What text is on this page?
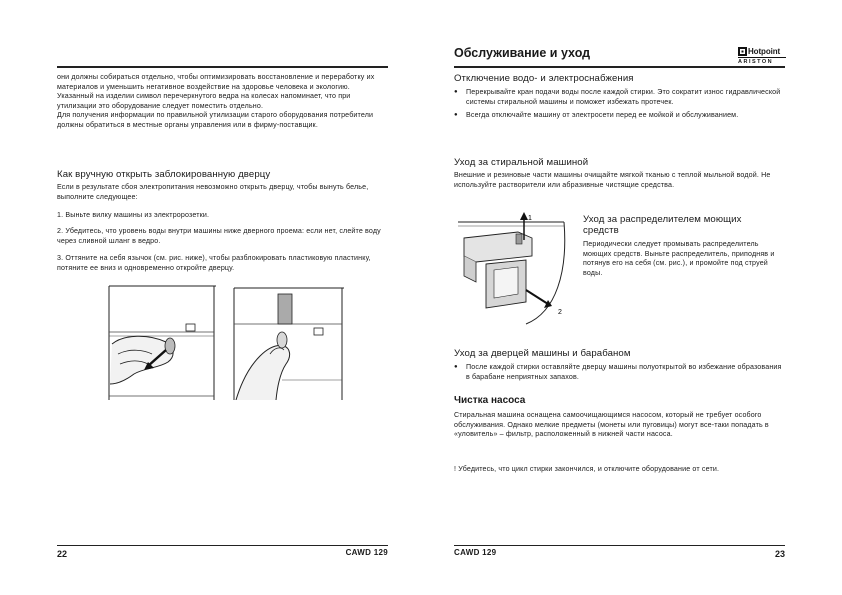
они должны собираться отдельно, чтобы оптимизировать восстановление и переработку их материалов и уменьшить негативное воздействие на здоровье человека и экологию. Указанный на изделии символ перечеркнутого ведра на колесах напоминает, что при утилизации это оборудование следует поместить отдельно.

Для получения информации по правильной утилизации старого оборудования потребители должны обратиться в местные органы управления или в фирму-поставщик.

Как вручную открыть заблокированную дверцу

Если в результате сбоя электропитания невозможно открыть дверцу, чтобы вынуть белье, выполните следующее:

1. Выньте вилку машины из электророзетки.

2. Убедитесь, что уровень воды внутри машины ниже дверного проема: если нет, слейте воду через сливной шланг в ведро.

3. Оттяните на себя язычок (см. рис. ниже), чтобы разблокировать пластиковую пластинку, потяните ее вниз и одновременно откройте дверцу.

22	CAWD 129
Обслуживание и уход	Hotpoint
ARISTON
Отключение водо- и электроснабжения
● Перекрывайте кран подачи воды после каждой стирки. Это сократит износ гидравлической системы стиральной машины и поможет избежать протечек.
● Всегда отключайте машину от электросети перед ее мойкой и обслуживанием.
Уход за стиральной машиной

Внешние и резиновые части машины очищайте мягкой тканью с теплой мыльной водой. Не используйте растворители или абразивные чистящие средства.

1
2
Уход за распределителем моющих средств

Периодически следует промывать распределитель моющих средств. Выньте распределитель, приподняв и потянув его на себя (см. рис.), и промойте под струей воды.

Уход за дверцей машины и барабаном
● После каждой стирки оставляйте дверцу машины полуоткрытой во избежание образования в барабане неприятных запахов.
Чистка насоса

Стиральная машина оснащена самоочищающимся насосом, который не требует особого обслуживания. Однако мелкие предметы (монеты или пуговицы) могут все-таки попадать в «уловитель» – фильтр, расположенный в нижней части насоса.

! Убедитесь, что цикл стирки закончился, и отключите оборудование от сети.

CAWD 129	23
